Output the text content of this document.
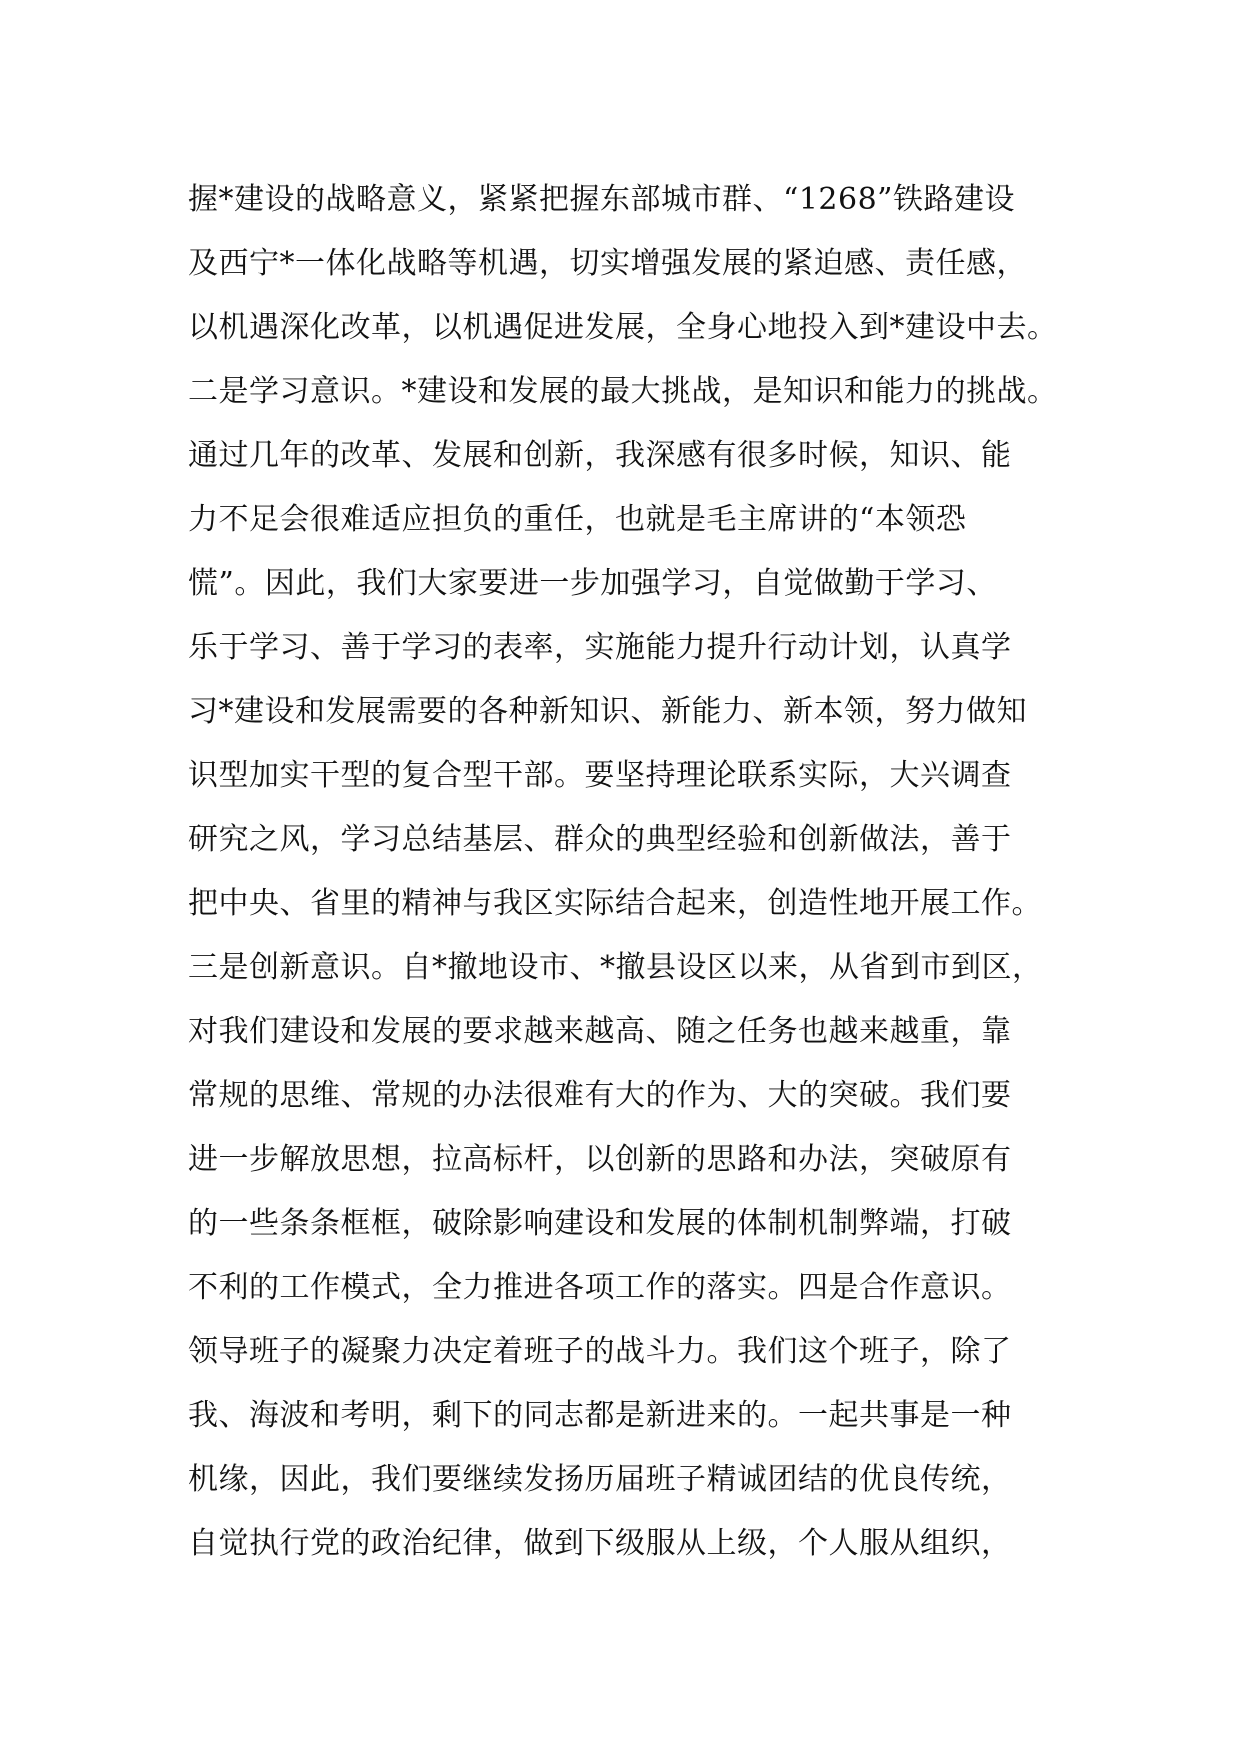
握*建设的战略意义，紧紧把握东部城市群、“1268”铁路建设
及西宁*一体化战略等机遇，切实增强发展的紧迫感、责任感，
以机遇深化改革，以机遇促进发展，全身心地投入到*建设中去。
二是学习意识。*建设和发展的最大挑战，是知识和能力的挑战。
通过几年的改革、发展和创新，我深感有很多时候，知识、能
力不足会很难适应担负的重任，也就是毛主席讲的“本领恐
慌”。因此，我们大家要进一步加强学习，自觉做勤于学习、
乐于学习、善于学习的表率，实施能力提升行动计划，认真学
习*建设和发展需要的各种新知识、新能力、新本领，努力做知
识型加实干型的复合型干部。要坚持理论联系实际，大兴调查
研究之风，学习总结基层、群众的典型经验和创新做法，善于
把中央、省里的精神与我区实际结合起来，创造性地开展工作。
三是创新意识。自*撤地设市、*撤县设区以来，从省到市到区，
对我们建设和发展的要求越来越高、随之任务也越来越重，靠
常规的思维、常规的办法很难有大的作为、大的突破。我们要
进一步解放思想，拉高标杆，以创新的思路和办法，突破原有
的一些条条框框，破除影响建设和发展的体制机制弊端，打破
不利的工作模式，全力推进各项工作的落实。四是合作意识。
领导班子的凝聚力决定着班子的战斗力。我们这个班子，除了
我、海波和考明，剩下的同志都是新进来的。一起共事是一种
机缘，因此，我们要继续发扬历届班子精诚团结的优良传统，
自觉执行党的政治纪律，做到下级服从上级，个人服从组织，
